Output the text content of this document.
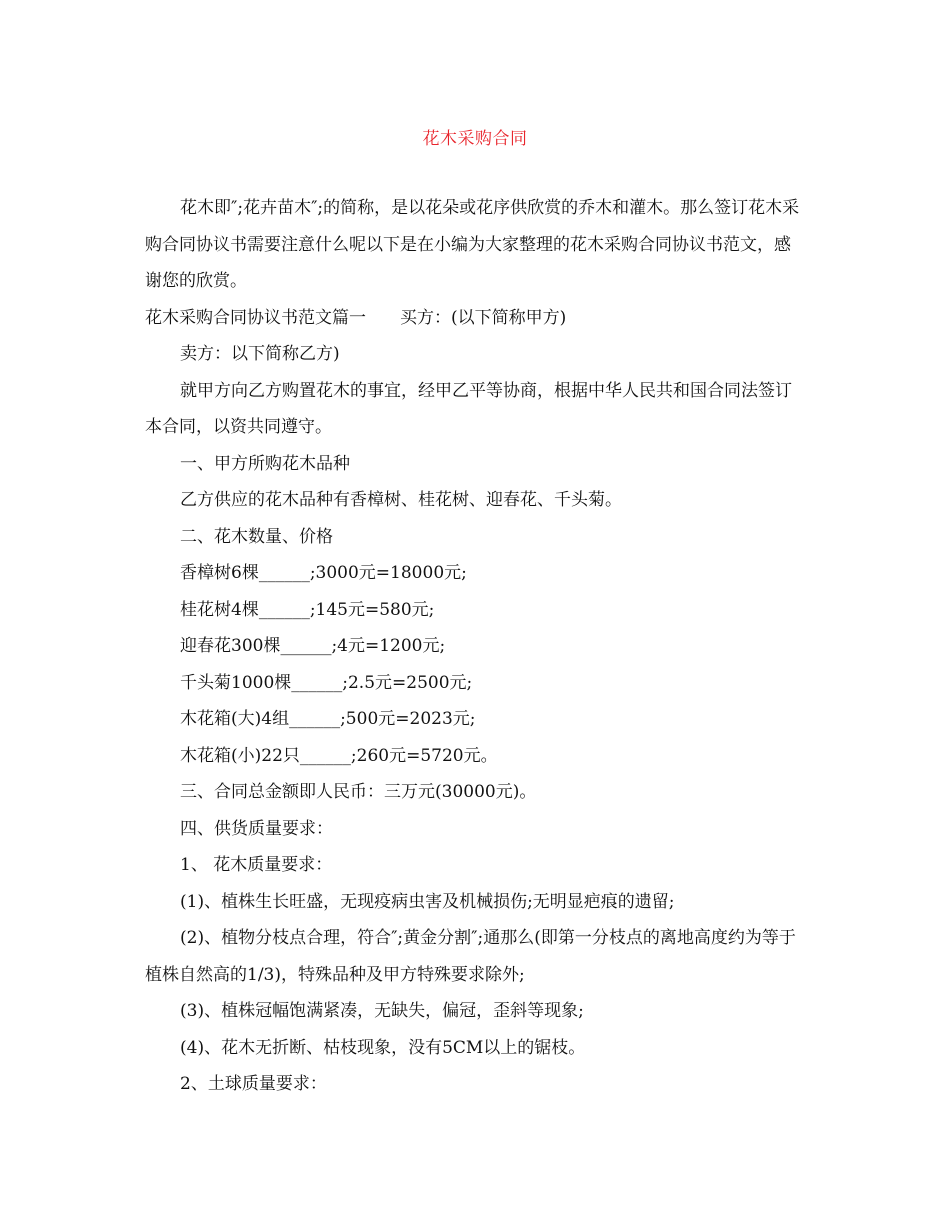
花木采购合同

花木即″;花卉苗木″;的简称，是以花朵或花序供欣赏的乔木和灌木。那么签订花木采购合同协议书需要注意什么呢以下是在小编为大家整理的花木采购合同协议书范文，感谢您的欣赏。

花木采购合同协议书范文篇一　　买方：(以下简称甲方)

卖方：以下简称乙方)

就甲方向乙方购置花木的事宜，经甲乙平等协商，根据中华人民共和国合同法签订本合同，以资共同遵守。

一、甲方所购花木品种

乙方供应的花木品种有香樟树、桂花树、迎春花、千头菊。

二、花木数量、价格

香樟树6棵______;3000元=18000元;

桂花树4棵______;145元=580元;

迎春花300棵______;4元=1200元;

千头菊1000棵______;2.5元=2500元;

木花箱(大)4组______;500元=2023元;

木花箱(小)22只______;260元=5720元。

三、合同总金额即人民币：三万元(30000元)。

四、供货质量要求：

1、 花木质量要求：

(1)、植株生长旺盛，无现疫病虫害及机械损伤;无明显疤痕的遗留;

(2)、植物分枝点合理，符合″;黄金分割″;通那么(即第一分枝点的离地高度约为等于植株自然高的1/3)，特殊品种及甲方特殊要求除外;

(3)、植株冠幅饱满紧凑，无缺失，偏冠，歪斜等现象;

(4)、花木无折断、枯枝现象，没有5CM以上的锯枝。

2、土球质量要求：
